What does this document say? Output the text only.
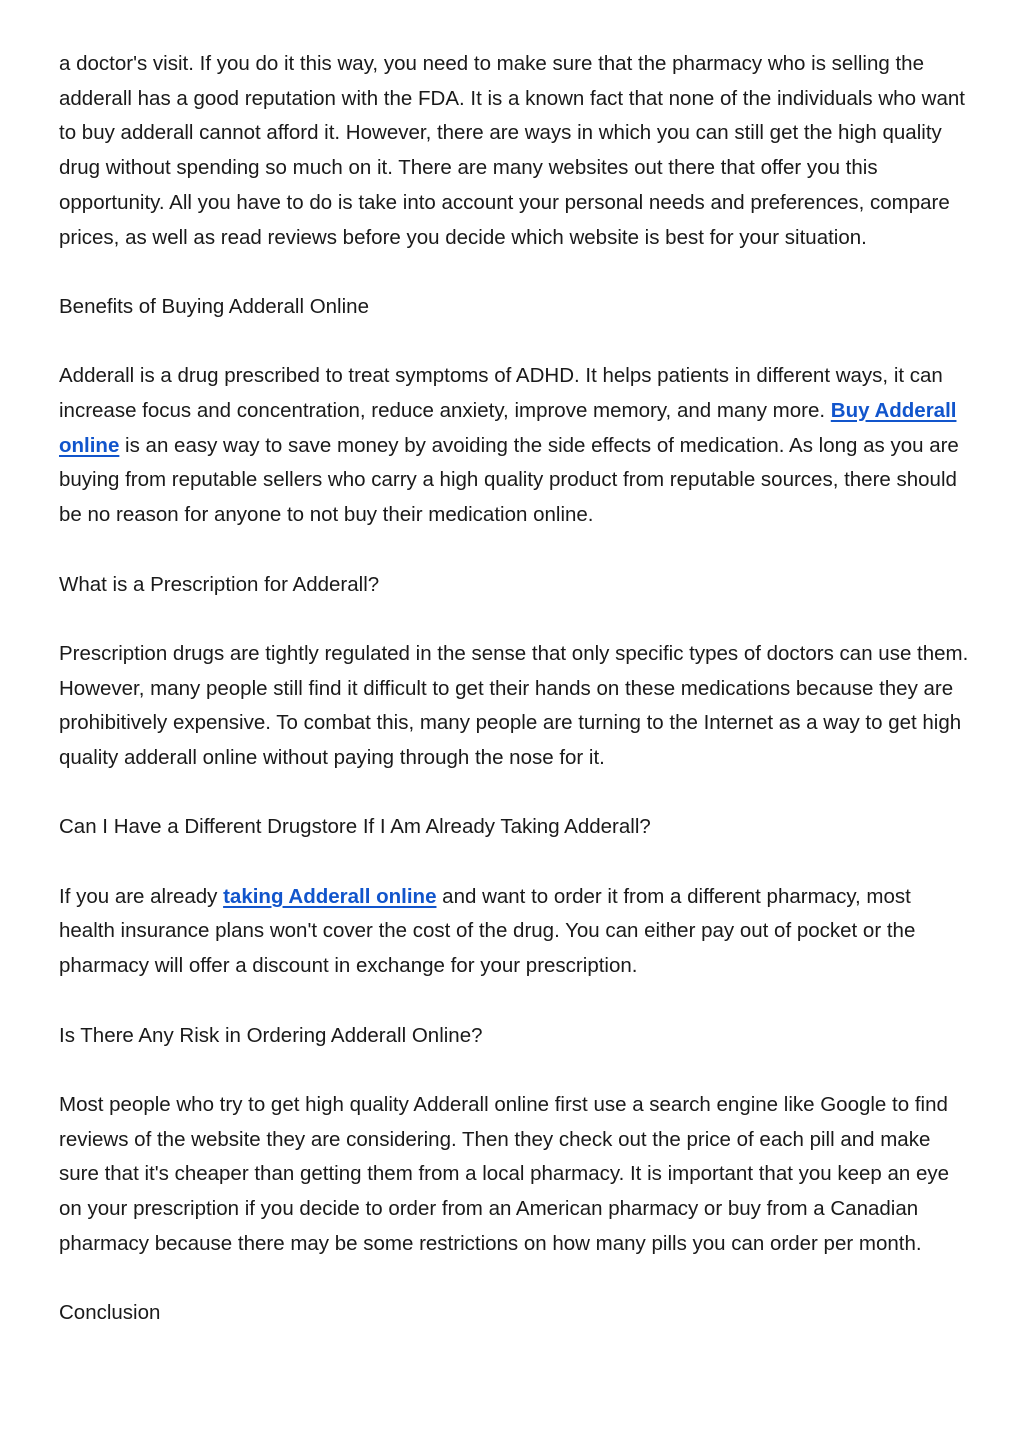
a doctor's visit. If you do it this way, you need to make sure that the pharmacy who is selling the adderall has a good reputation with the FDA. It is a known fact that none of the individuals who want to buy adderall cannot afford it. However, there are ways in which you can still get the high quality drug without spending so much on it. There are many websites out there that offer you this opportunity. All you have to do is take into account your personal needs and preferences, compare prices, as well as read reviews before you decide which website is best for your situation.

Benefits of Buying Adderall Online

Adderall is a drug prescribed to treat symptoms of ADHD. It helps patients in different ways, it can increase focus and concentration, reduce anxiety, improve memory, and many more. Buy Adderall online is an easy way to save money by avoiding the side effects of medication. As long as you are buying from reputable sellers who carry a high quality product from reputable sources, there should be no reason for anyone to not buy their medication online.

What is a Prescription for Adderall?

Prescription drugs are tightly regulated in the sense that only specific types of doctors can use them. However, many people still find it difficult to get their hands on these medications because they are prohibitively expensive. To combat this, many people are turning to the Internet as a way to get high quality adderall online without paying through the nose for it.

Can I Have a Different Drugstore If I Am Already Taking Adderall?

If you are already taking Adderall online and want to order it from a different pharmacy, most health insurance plans won't cover the cost of the drug. You can either pay out of pocket or the pharmacy will offer a discount in exchange for your prescription.

Is There Any Risk in Ordering Adderall Online?

Most people who try to get high quality Adderall online first use a search engine like Google to find reviews of the website they are considering. Then they check out the price of each pill and make sure that it's cheaper than getting them from a local pharmacy. It is important that you keep an eye on your prescription if you decide to order from an American pharmacy or buy from a Canadian pharmacy because there may be some restrictions on how many pills you can order per month.

Conclusion
